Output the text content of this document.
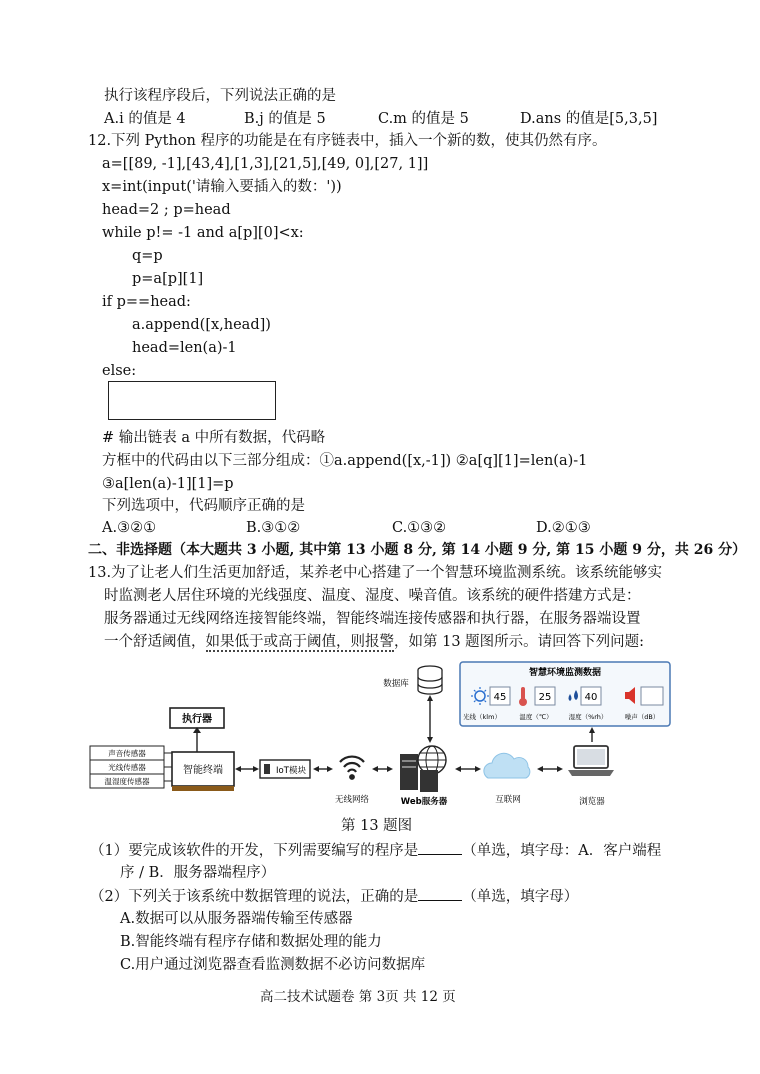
执行该程序段后，下列说法正确的是
A.i 的值是 4	B.j 的值是 5	C.m 的值是 5	D.ans 的值是[5,3,5]
12.下列 Python 程序的功能是在有序链表中，插入一个新的数，使其仍然有序。
a=[[89, -1],[43,4],[1,3],[21,5],[49, 0],[27, 1]]
x=int(input('请输入要插入的数：'))
head=2 ; p=head
while p!= -1 and a[p][0]<x:
q=p
p=a[p][1]
if p==head:
a.append([x,head])
head=len(a)-1
else:
# 输出链表 a 中所有数据，代码略
方框中的代码由以下三部分组成：①a.append([x,-1]) ②a[q][1]=len(a)-1
③a[len(a)-1][1]=p
下列选项中，代码顺序正确的是
A.③②①	B.③①②	C.①③②	D.②①③
二、非选择题（本大题共 3 小题, 其中第 13 小题 8 分, 第 14 小题 9 分, 第 15 小题 9 分，共 26 分）
13.为了让老人们生活更加舒适，某养老中心搭建了一个智慧环境监测系统。该系统能够实
时监测老人居住环境的光线强度、温度、湿度、噪音值。该系统的硬件搭建方式是：
服务器通过无线网络连接智能终端，智能终端连接传感器和执行器，在服务器端设置
一个舒适阈值，如果低于或高于阈值，则报警，如第 13 题图所示。请回答下列问题:
智慧环境监测数据
45
光线（klm）
25
温度（℃）
40
湿度（%rh）	噪声（dB）
声音传感器
光线传感器
温湿度传感器
智能终端
执行器
IoT模块
无线网络
数据库
Web服务器	互联网	浏览器
第 13 题图
（1）要完成该软件的开发，下列需要编写的程序是	（单选，填字母：A．客户端程
序 / B．服务器端程序）
（2）下列关于该系统中数据管理的说法，正确的是	（单选，填字母）
A.数据可以从服务器端传输至传感器
B.智能终端有程序存储和数据处理的能力
C.用户通过浏览器查看监测数据不必访问数据库
高二技术试题卷 第 3页 共 12 页
